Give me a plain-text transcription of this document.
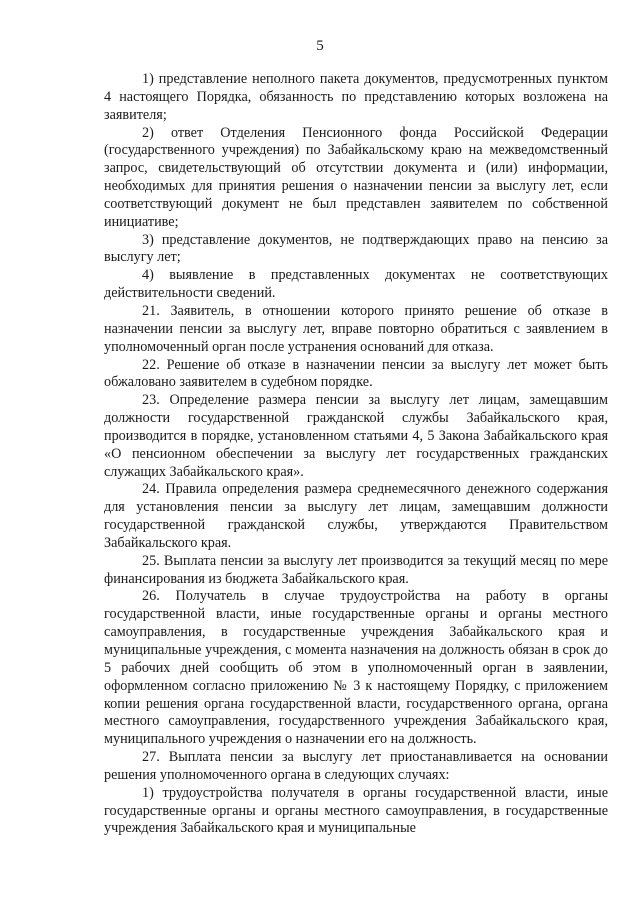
5

1) представление неполного пакета документов, предусмотренных пунктом 4 настоящего Порядка, обязанность по представлению которых возложена на заявителя;

2) ответ Отделения Пенсионного фонда Российской Федерации (государственного учреждения) по Забайкальскому краю на межведомственный запрос, свидетельствующий об отсутствии документа и (или) информации, необходимых для принятия решения о назначении пенсии за выслугу лет, если соответствующий документ не был представлен заявителем по собственной инициативе;

3) представление документов, не подтверждающих право на пенсию за выслугу лет;

4) выявление в представленных документах не соответствующих действительности сведений.

21. Заявитель, в отношении которого принято решение об отказе в назначении пенсии за выслугу лет, вправе повторно обратиться с заявлением в уполномоченный орган после устранения оснований для отказа.

22. Решение об отказе в назначении пенсии за выслугу лет может быть обжаловано заявителем в судебном порядке.

23. Определение размера пенсии за выслугу лет лицам, замещавшим должности государственной гражданской службы Забайкальского края, производится в порядке, установленном статьями 4, 5 Закона Забайкальского края «О пенсионном обеспечении за выслугу лет государственных гражданских служащих Забайкальского края».

24. Правила определения размера среднемесячного денежного содержания для установления пенсии за выслугу лет лицам, замещавшим должности государственной гражданской службы, утверждаются Правительством Забайкальского края.

25. Выплата пенсии за выслугу лет производится за текущий месяц по мере финансирования из бюджета Забайкальского края.

26. Получатель в случае трудоустройства на работу в органы государственной власти, иные государственные органы и органы местного самоуправления, в государственные учреждения Забайкальского края и муниципальные учреждения, с момента назначения на должность обязан в срок до 5 рабочих дней сообщить об этом в уполномоченный орган в заявлении, оформленном согласно приложению № 3 к настоящему Порядку, с приложением копии решения органа государственной власти, государственного органа, органа местного самоуправления, государственного учреждения Забайкальского края, муниципального учреждения о назначении его на должность.

27. Выплата пенсии за выслугу лет приостанавливается на основании решения уполномоченного органа в следующих случаях:

1) трудоустройства получателя в органы государственной власти, иные государственные органы и органы местного самоуправления, в государственные учреждения Забайкальского края и муниципальные
